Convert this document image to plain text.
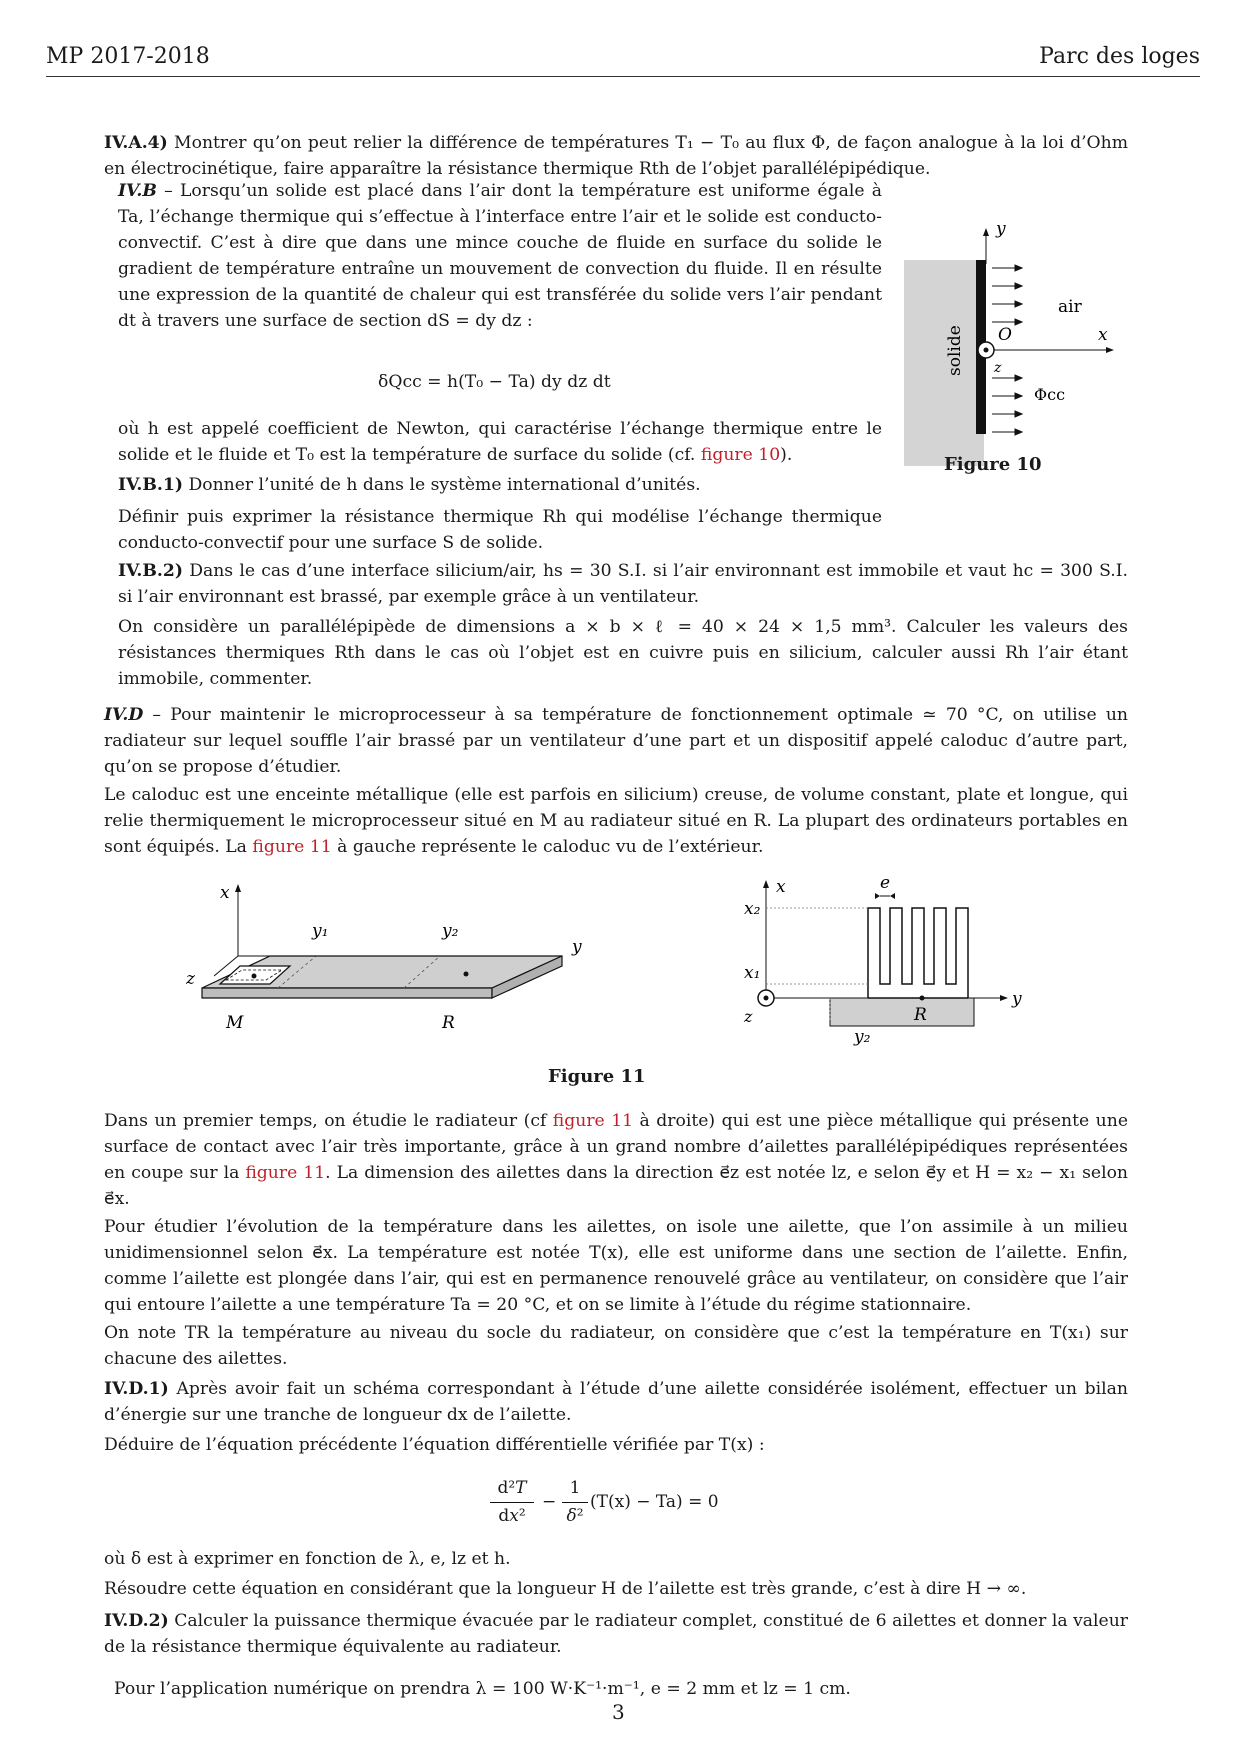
MP 2017-2018	Parc des loges
IV.A.4) Montrer qu’on peut relier la différence de températures T₁ − T₀ au flux Φ, de façon analogue à la loi d’Ohm en électrocinétique, faire apparaître la résistance thermique Rth de l’objet parallélépipédique.
IV.B – Lorsqu’un solide est placé dans l’air dont la température est uniforme égale à Ta, l’échange thermique qui s’effectue à l’interface entre l’air et le solide est conducto-convectif. C’est à dire que dans une mince couche de fluide en surface du solide le gradient de température entraîne un mouvement de convection du fluide. Il en résulte une expression de la quantité de chaleur qui est transférée du solide vers l’air pendant dt à travers une surface de section dS = dy dz :
δQcc = h(T₀ − Ta) dy dz dt
où h est appelé coefficient de Newton, qui caractérise l’échange thermique entre le solide et le fluide et T₀ est la température de surface du solide (cf. figure 10).
IV.B.1) Donner l’unité de h dans le système international d’unités.
Définir puis exprimer la résistance thermique Rh qui modélise l’échange thermique conducto-convectif pour une surface S de solide.
y
x
O
z
air
Φcc
solide
Figure 10
IV.B.2) Dans le cas d’une interface silicium/air, hs = 30 S.I. si l’air environnant est immobile et vaut hc = 300 S.I. si l’air environnant est brassé, par exemple grâce à un ventilateur.
On considère un parallélépipède de dimensions a × b × ℓ = 40 × 24 × 1,5 mm³. Calculer les valeurs des résistances thermiques Rth dans le cas où l’objet est en cuivre puis en silicium, calculer aussi Rh l’air étant immobile, commenter.
IV.D – Pour maintenir le microprocesseur à sa température de fonctionnement optimale ≃ 70 °C, on utilise un radiateur sur lequel souffle l’air brassé par un ventilateur d’une part et un dispositif appelé caloduc d’autre part, qu’on se propose d’étudier.
Le caloduc est une enceinte métallique (elle est parfois en silicium) creuse, de volume constant, plate et longue, qui relie thermiquement le microprocesseur situé en M au radiateur situé en R. La plupart des ordinateurs portables en sont équipés. La figure 11 à gauche représente le caloduc vu de l’extérieur.
x
y
z
y₁	y₂
M	R
x
y
z
x₂
x₁
e
R
y₂
Figure 11
Dans un premier temps, on étudie le radiateur (cf figure 11 à droite) qui est une pièce métallique qui présente une surface de contact avec l’air très importante, grâce à un grand nombre d’ailettes parallélépipédiques représentées en coupe sur la figure 11. La dimension des ailettes dans la direction e⃗z est notée lz, e selon e⃗y et H = x₂ − x₁ selon e⃗x.
Pour étudier l’évolution de la température dans les ailettes, on isole une ailette, que l’on assimile à un milieu unidimensionnel selon e⃗x. La température est notée T(x), elle est uniforme dans une section de l’ailette. Enfin, comme l’ailette est plongée dans l’air, qui est en permanence renouvelé grâce au ventilateur, on considère que l’air qui entoure l’ailette a une température Ta = 20 °C, et on se limite à l’étude du régime stationnaire.
On note TR la température au niveau du socle du radiateur, on considère que c’est la température en T(x₁) sur chacune des ailettes.
IV.D.1) Après avoir fait un schéma correspondant à l’étude d’une ailette considérée isolément, effectuer un bilan d’énergie sur une tranche de longueur dx de l’ailette.
Déduire de l’équation précédente l’équation différentielle vérifiée par T(x) :
d²T
dx²
−
1
δ²
(T(x) − Ta) = 0
où δ est à exprimer en fonction de λ, e, lz et h.
Résoudre cette équation en considérant que la longueur H de l’ailette est très grande, c’est à dire H → ∞.
IV.D.2) Calculer la puissance thermique évacuée par le radiateur complet, constitué de 6 ailettes et donner la valeur de la résistance thermique équivalente au radiateur.
Pour l’application numérique on prendra λ = 100 W·K⁻¹·m⁻¹, e = 2 mm et lz = 1 cm.
3
